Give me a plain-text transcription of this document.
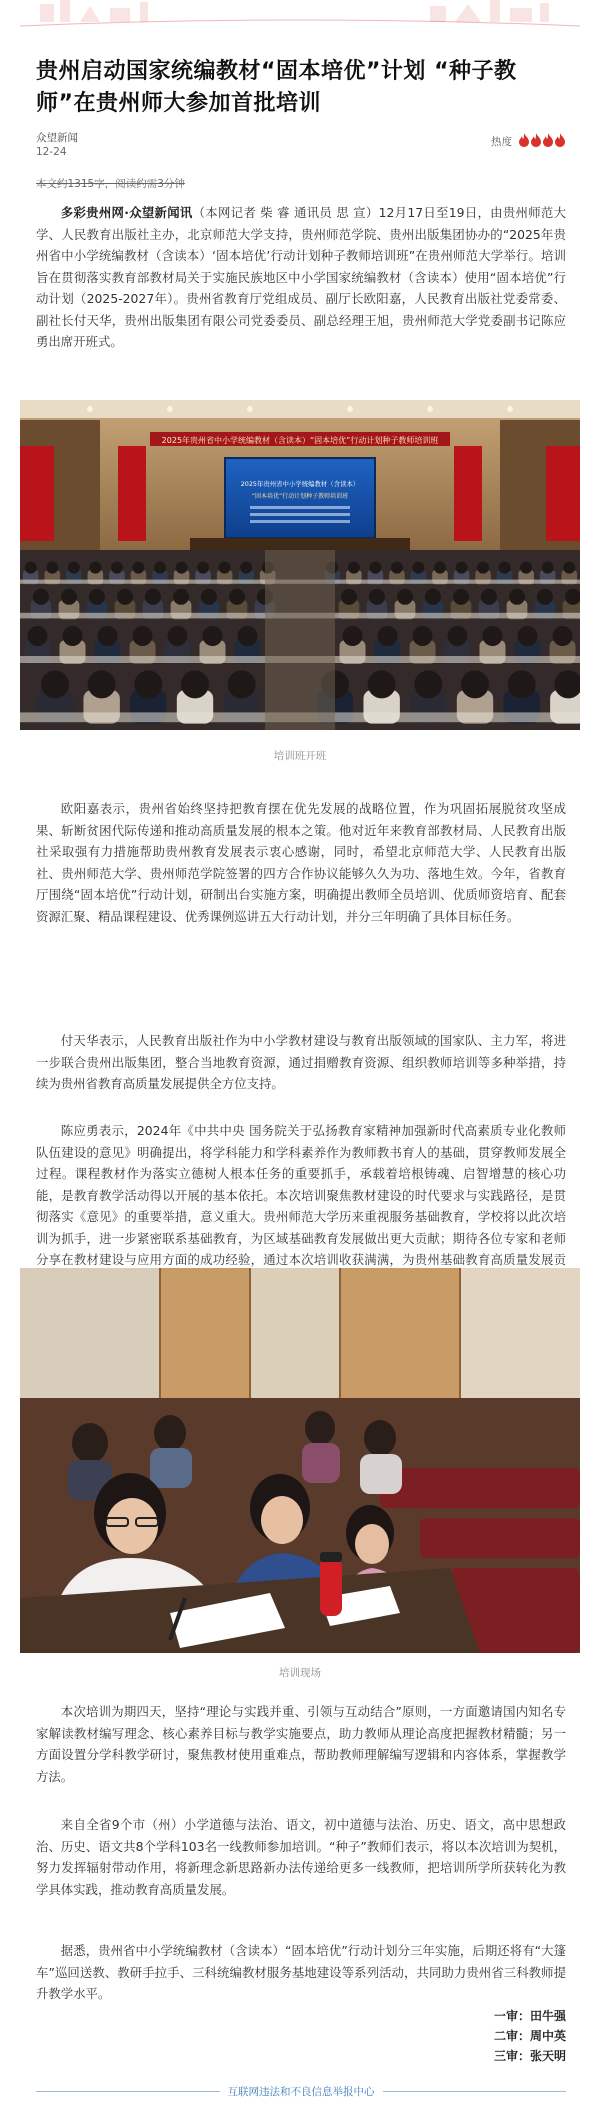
贵州启动国家统编教材“固本培优”计划 “种子教师”在贵州师大参加首批培训
众望新闻
12-24
热度
本文约1315字，阅读约需3分钟

多彩贵州网·众望新闻讯（本网记者 柴 睿 通讯员 思 宣）12月17日至19日，由贵州师范大学、人民教育出版社主办，北京师范大学支持，贵州师范学院、贵州出版集团协办的“2025年贵州省中小学统编教材（含读本）‘固本培优’行动计划种子教师培训班”在贵州师范大学举行。培训旨在贯彻落实教育部教材局关于实施民族地区中小学国家统编教材（含读本）使用“固本培优”行动计划（2025-2027年）。贵州省教育厅党组成员、副厅长欧阳嘉，人民教育出版社党委常委、副社长付天华，贵州出版集团有限公司党委委员、副总经理王旭，贵州师范大学党委副书记陈应勇出席开班式。

2025年贵州省中小学统编教材（含读本）“固本培优”行动计划种子教师培训班
2025年贵州省中小学统编教材（含读本）
“固本培优”行动计划种子教师培训班
培训班开班

欧阳嘉表示，贵州省始终坚持把教育摆在优先发展的战略位置，作为巩固拓展脱贫攻坚成果、斩断贫困代际传递和推动高质量发展的根本之策。他对近年来教育部教材局、人民教育出版社采取强有力措施帮助贵州教育发展表示衷心感谢，同时，希望北京师范大学、人民教育出版社、贵州师范大学、贵州师范学院签署的四方合作协议能够久久为功、落地生效。今年，省教育厅围绕“固本培优”行动计划，研制出台实施方案，明确提出教师全员培训、优质师资培育、配套资源汇聚、精品课程建设、优秀课例巡讲五大行动计划，并分三年明确了具体目标任务。

付天华表示，人民教育出版社作为中小学教材建设与教育出版领域的国家队、主力军，将进一步联合贵州出版集团，整合当地教育资源，通过捐赠教育资源、组织教师培训等多种举措，持续为贵州省教育高质量发展提供全方位支持。

陈应勇表示，2024年《中共中央 国务院关于弘扬教育家精神加强新时代高素质专业化教师队伍建设的意见》明确提出，将学科能力和学科素养作为教师教书育人的基础，贯穿教师发展全过程。课程教材作为落实立德树人根本任务的重要抓手，承载着培根铸魂、启智增慧的核心功能，是教育教学活动得以开展的基本依托。本次培训聚焦教材建设的时代要求与实践路径，是贯彻落实《意见》的重要举措，意义重大。贵州师范大学历来重视服务基础教育，学校将以此次培训为抓手，进一步紧密联系基础教育，为区域基础教育发展做出更大贡献；期待各位专家和老师分享在教材建设与应用方面的成功经验，通过本次培训收获满满，为贵州基础教育高质量发展贡

培训现场

本次培训为期四天，坚持“理论与实践并重、引领与互动结合”原则，一方面邀请国内知名专家解读教材编写理念、核心素养目标与教学实施要点，助力教师从理论高度把握教材精髓；另一方面设置分学科教学研讨，聚焦教材使用重难点，帮助教师理解编写逻辑和内容体系，掌握教学方法。

来自全省9个市（州）小学道德与法治、语文，初中道德与法治、历史、语文，高中思想政治、历史、语文共8个学科103名一线教师参加培训。“种子”教师们表示，将以本次培训为契机，努力发挥辐射带动作用，将新理念新思路新办法传递给更多一线教师，把培训所学所获转化为教学具体实践，推动教育高质量发展。

据悉，贵州省中小学统编教材（含读本）“固本培优”行动计划分三年实施，后期还将有“大篷车”巡回送教、教研手拉手、三科统编教材服务基地建设等系列活动，共同助力贵州省三科教师提升教学水平。

一审：田牛强
二审：周中英
三审：张天明
互联网违法和不良信息举报中心
